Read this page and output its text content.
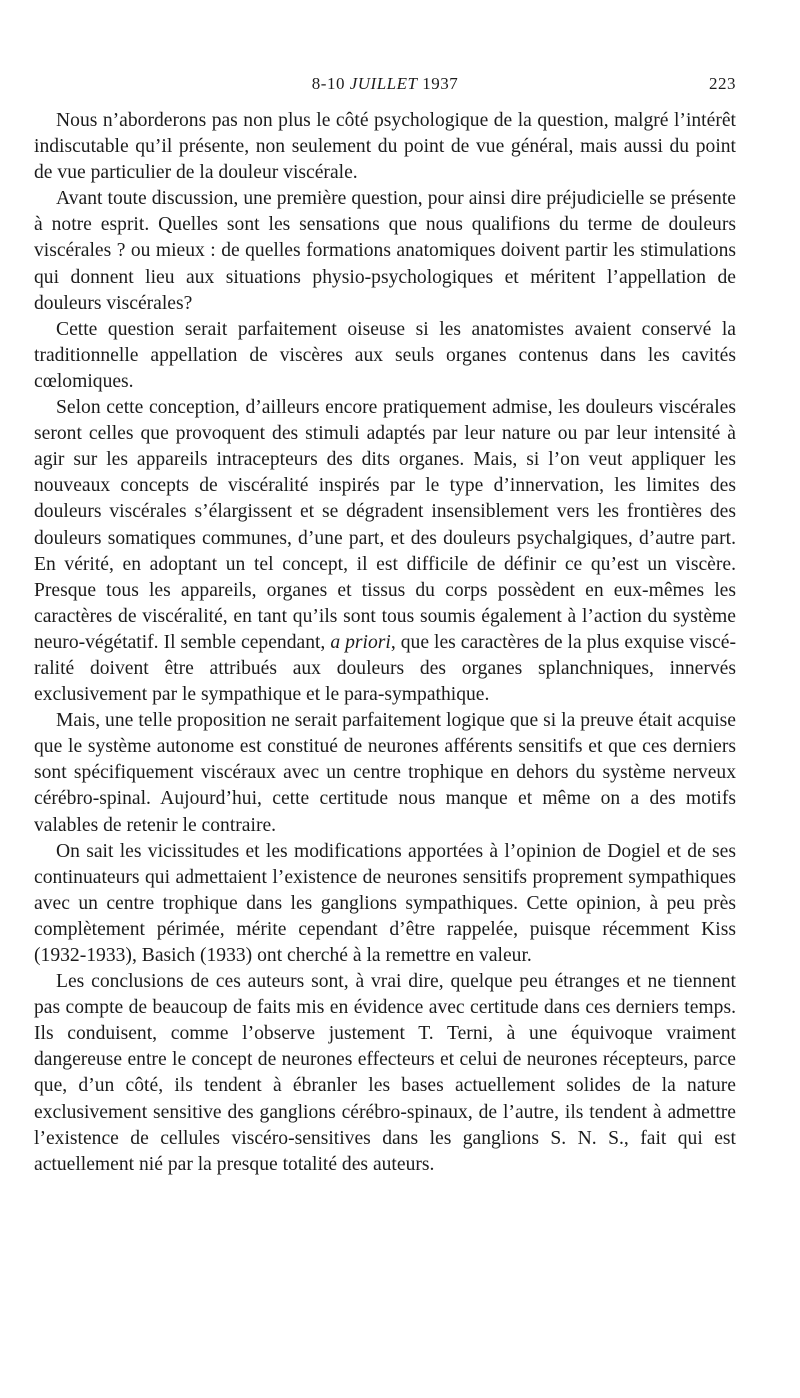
8-10 JUILLET 1937	223

Nous n’aborderons pas non plus le côté psychologique de la question, malgré l’intérêt indiscutable qu’il présente, non seulement du point de vue général, mais aussi du point de vue particulier de la douleur viscérale.

Avant toute discussion, une première question, pour ainsi dire préjudicielle se présente à notre esprit. Quelles sont les sensations que nous qualifions du terme de douleurs viscérales ? ou mieux : de quelles formations anatomiques doivent partir les stimulations qui donnent lieu aux situations physio-psychologiques et méritent l’appellation de douleurs viscérales?

Cette question serait parfaitement oiseuse si les anatomistes avaient conservé la traditionnelle appellation de viscères aux seuls organes contenus dans les cavités cœlomiques.

Selon cette conception, d’ailleurs encore pratiquement admise, les douleurs viscérales seront celles que provoquent des stimuli adaptés par leur nature ou par leur intensité à agir sur les appareils intracepteurs des dits organes. Mais, si l’on veut appliquer les nouveaux concepts de viscéralité inspirés par le type d’innervation, les limites des douleurs viscérales s’élargissent et se dégradent insensiblement vers les frontières des douleurs somatiques communes, d’une part, et des douleurs psychalgiques, d’autre part. En vérité, en adoptant un tel concept, il est difficile de définir ce qu’est un viscère. Presque tous les appareils, organes et tissus du corps possèdent en eux-mêmes les caractères de viscéralité, en tant qu’ils sont tous soumis également à l’action du système neuro-végétatif. Il semble cependant, a priori, que les caractères de la plus exquise viscéralité doivent être attribués aux douleurs des organes splanchniques, innervés exclusivement par le sympathique et le para-sympathique.

Mais, une telle proposition ne serait parfaitement logique que si la preuve était acquise que le système autonome est constitué de neurones afférents sensitifs et que ces derniers sont spécifiquement viscéraux avec un centre trophique en dehors du système nerveux cérébro-spinal. Aujourd’hui, cette certitude nous manque et même on a des motifs valables de retenir le contraire.

On sait les vicissitudes et les modifications apportées à l’opinion de Dogiel et de ses continuateurs qui admettaient l’existence de neurones sensitifs proprement sympathiques avec un centre trophique dans les ganglions sympathiques. Cette opinion, à peu près complètement périmée, mérite cependant d’être rappelée, puisque récemment Kiss (1932-1933), Basich (1933) ont cherché à la remettre en valeur.

Les conclusions de ces auteurs sont, à vrai dire, quelque peu étranges et ne tiennent pas compte de beaucoup de faits mis en évidence avec certitude dans ces derniers temps. Ils conduisent, comme l’observe justement T. Terni, à une équivoque vraiment dangereuse entre le concept de neurones effecteurs et celui de neurones récepteurs, parce que, d’un côté, ils tendent à ébranler les bases actuellement solides de la nature exclusivement sensitive des ganglions cérébro-spinaux, de l’autre, ils tendent à admettre l’existence de cellules viscéro-sensitives dans les ganglions S. N. S., fait qui est actuellement nié par la presque totalité des auteurs.
